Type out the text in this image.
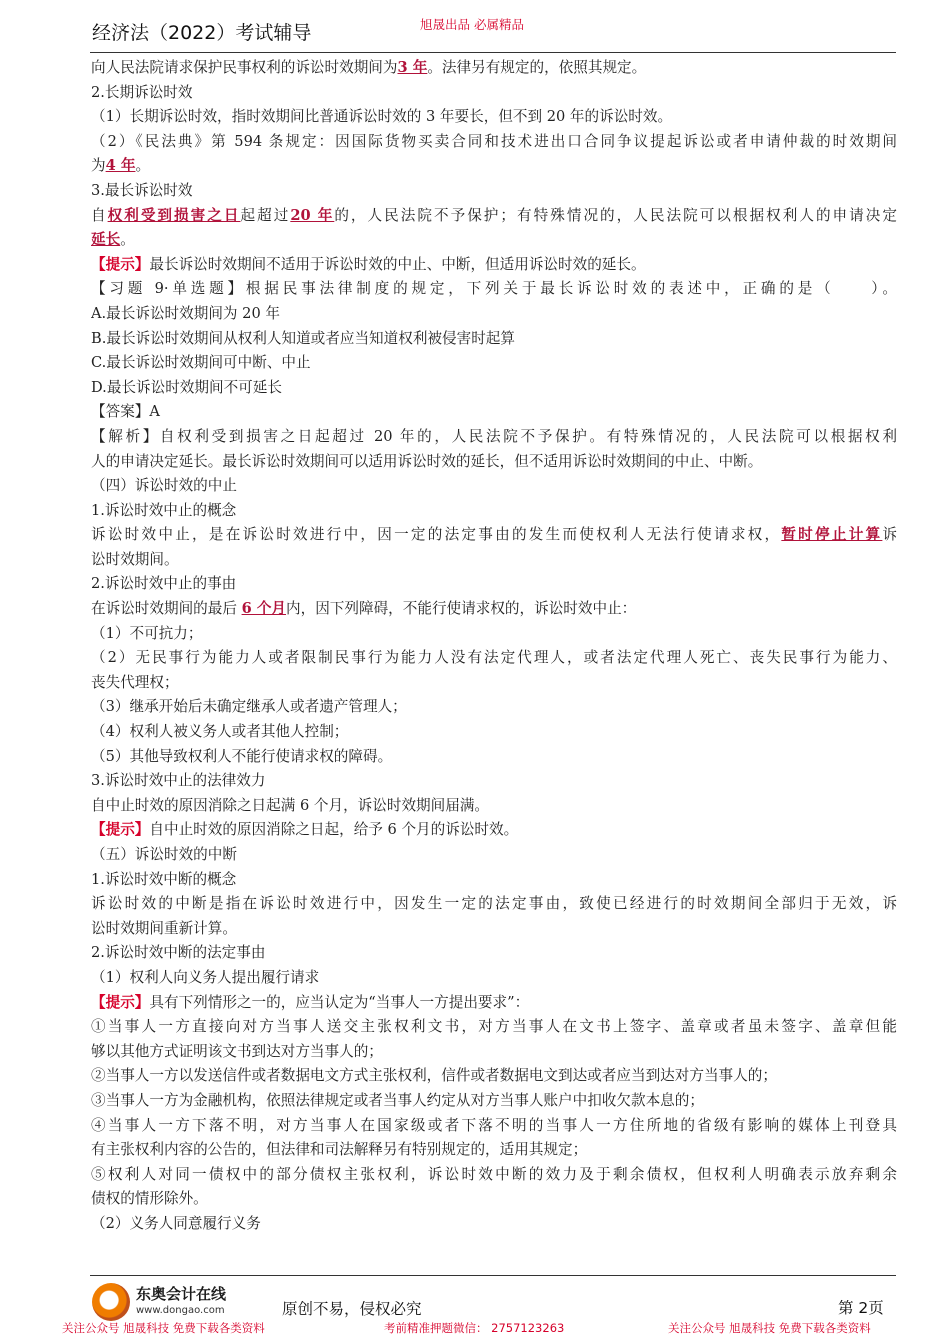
经济法（2022）考试辅导	旭晟出品 必属精品
向人民法院请求保护民事权利的诉讼时效期间为3 年。法律另有规定的，依照其规定。
2.长期诉讼时效
（1）长期诉讼时效，指时效期间比普通诉讼时效的 3 年要长，但不到 20 年的诉讼时效。
（2）《民法典》第 594 条规定：因国际货物买卖合同和技术进出口合同争议提起诉讼或者申请仲裁的时效期间
为4 年。
3.最长诉讼时效
自权利受到损害之日起超过20 年的，人民法院不予保护；有特殊情况的，人民法院可以根据权利人的申请决定
延长。
【提示】最长诉讼时效期间不适用于诉讼时效的中止、中断，但适用诉讼时效的延长。
【习题 9·单选题】根据民事法律制度的规定，下列关于最长诉讼时效的表述中，正确的是（　　）。
A.最长诉讼时效期间为 20 年
B.最长诉讼时效期间从权利人知道或者应当知道权利被侵害时起算
C.最长诉讼时效期间可中断、中止
D.最长诉讼时效期间不可延长
【答案】A
【解析】自权利受到损害之日起超过 20 年的，人民法院不予保护。有特殊情况的，人民法院可以根据权利
人的申请决定延长。最长诉讼时效期间可以适用诉讼时效的延长，但不适用诉讼时效期间的中止、中断。
（四）诉讼时效的中止
1.诉讼时效中止的概念
诉讼时效中止，是在诉讼时效进行中，因一定的法定事由的发生而使权利人无法行使请求权，暂时停止计算诉
讼时效期间。
2.诉讼时效中止的事由
在诉讼时效期间的最后 6 个月内，因下列障碍，不能行使请求权的，诉讼时效中止：
（1）不可抗力；
（2）无民事行为能力人或者限制民事行为能力人没有法定代理人，或者法定代理人死亡、丧失民事行为能力、
丧失代理权；
（3）继承开始后未确定继承人或者遗产管理人；
（4）权利人被义务人或者其他人控制；
（5）其他导致权利人不能行使请求权的障碍。
3.诉讼时效中止的法律效力
自中止时效的原因消除之日起满 6 个月，诉讼时效期间届满。
【提示】自中止时效的原因消除之日起，给予 6 个月的诉讼时效。
（五）诉讼时效的中断
1.诉讼时效中断的概念
诉讼时效的中断是指在诉讼时效进行中，因发生一定的法定事由，致使已经进行的时效期间全部归于无效，诉
讼时效期间重新计算。
2.诉讼时效中断的法定事由
（1）权利人向义务人提出履行请求
【提示】具有下列情形之一的，应当认定为“当事人一方提出要求”：
①当事人一方直接向对方当事人送交主张权利文书，对方当事人在文书上签字、盖章或者虽未签字、盖章但能
够以其他方式证明该文书到达对方当事人的；
②当事人一方以发送信件或者数据电文方式主张权利，信件或者数据电文到达或者应当到达对方当事人的；
③当事人一方为金融机构，依照法律规定或者当事人约定从对方当事人账户中扣收欠款本息的；
④当事人一方下落不明，对方当事人在国家级或者下落不明的当事人一方住所地的省级有影响的媒体上刊登具
有主张权利内容的公告的，但法律和司法解释另有特别规定的，适用其规定；
⑤权利人对同一债权中的部分债权主张权利，诉讼时效中断的效力及于剩余债权，但权利人明确表示放弃剩余
债权的情形除外。
（2）义务人同意履行义务
东奥会计在线
www.dongao.com	原创不易，侵权必究	第 2页
关注公众号 旭晟科技 免费下载各类资料	考前精准押题微信： 2757123263	关注公众号 旭晟科技 免费下载各类资料
